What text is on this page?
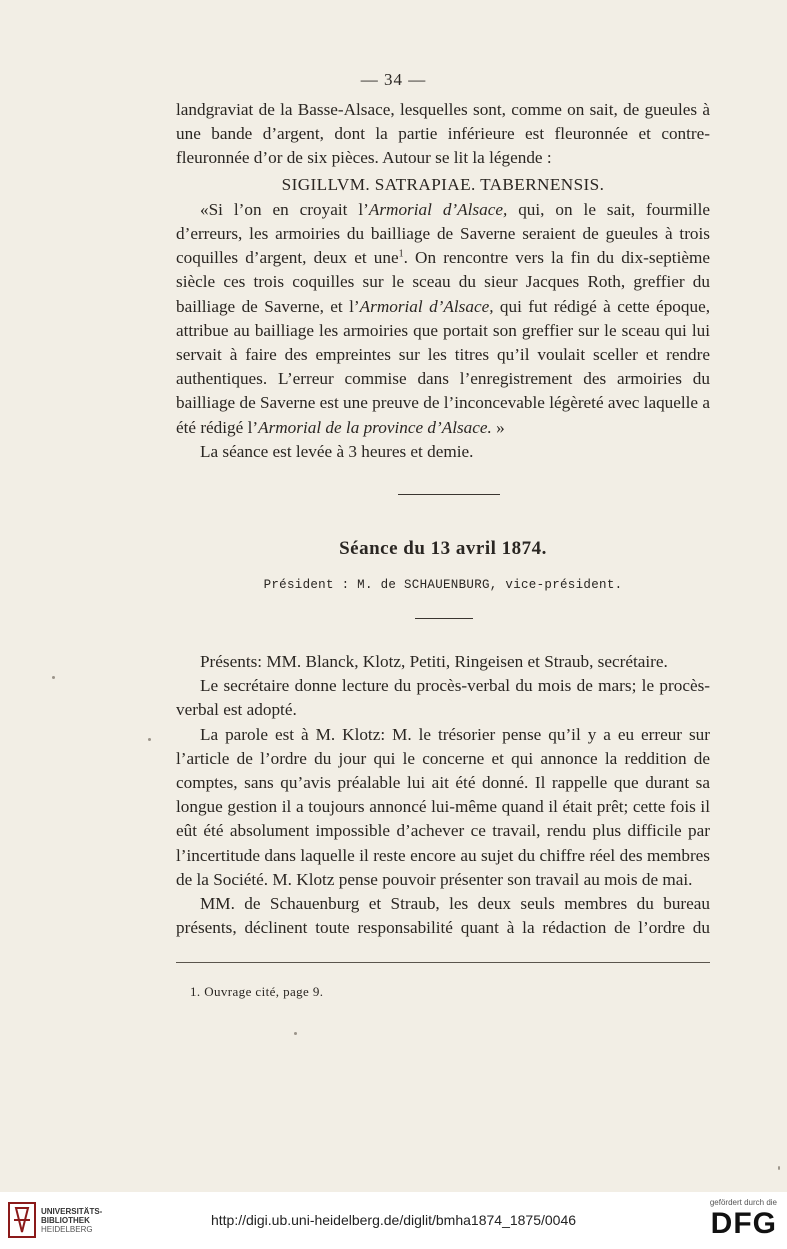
— 34 —

landgraviat de la Basse-Alsace, lesquelles sont, comme on sait, de gueules à une bande d’argent, dont la partie inférieure est fleuronnée et contre-fleuronnée d’or de six pièces. Autour se lit la légende :

SIGILLVM. SATRAPIAE. TABERNENSIS.

«Si l’on en croyait l’Armorial d’Alsace, qui, on le sait, fourmille d’erreurs, les armoiries du bailliage de Saverne seraient de gueules à trois coquilles d’argent, deux et une$^1$. On rencontre vers la fin du dix-septième siècle ces trois coquilles sur le sceau du sieur Jacques Roth, greffier du bailliage de Saverne, et l’Armorial d’Alsace, qui fut rédigé à cette époque, attribue au bailliage les armoiries que portait son greffier sur le sceau qui lui servait à faire des empreintes sur les titres qu’il voulait sceller et rendre authentiques. L’erreur commise dans l’enregistrement des armoiries du bailliage de Saverne est une preuve de l’inconcevable légèreté avec laquelle a été rédigé l’Armorial de la province d’Alsace. »

La séance est levée à 3 heures et demie.

Séance du 13 avril 1874.
Président : M. de SCHAUENBURG, vice-président.

Présents: MM. Blanck, Klotz, Petiti, Ringeisen et Straub, secrétaire.

Le secrétaire donne lecture du procès-verbal du mois de mars; le procès-verbal est adopté.

La parole est à M. Klotz: M. le trésorier pense qu’il y a eu erreur sur l’article de l’ordre du jour qui le concerne et qui annonce la reddition de comptes, sans qu’avis préalable lui ait été donné. Il rappelle que durant sa longue gestion il a toujours annoncé lui-même quand il était prêt; cette fois il eût été absolument impossible d’achever ce travail, rendu plus difficile par l’incertitude dans laquelle il reste encore au sujet du chiffre réel des membres de la Société. M. Klotz pense pouvoir présenter son travail au mois de mai.

MM. de Schauenburg et Straub, les deux seuls membres du bureau présents, déclinent toute responsabilité quant à la rédaction de l’ordre du

1. Ouvrage cité, page 9.
UNIVERSITÄTS-
BIBLIOTHEK
HEIDELBERG
http://digi.ub.uni-heidelberg.de/diglit/bmha1874_1875/0046
gefördert durch die
DFG
